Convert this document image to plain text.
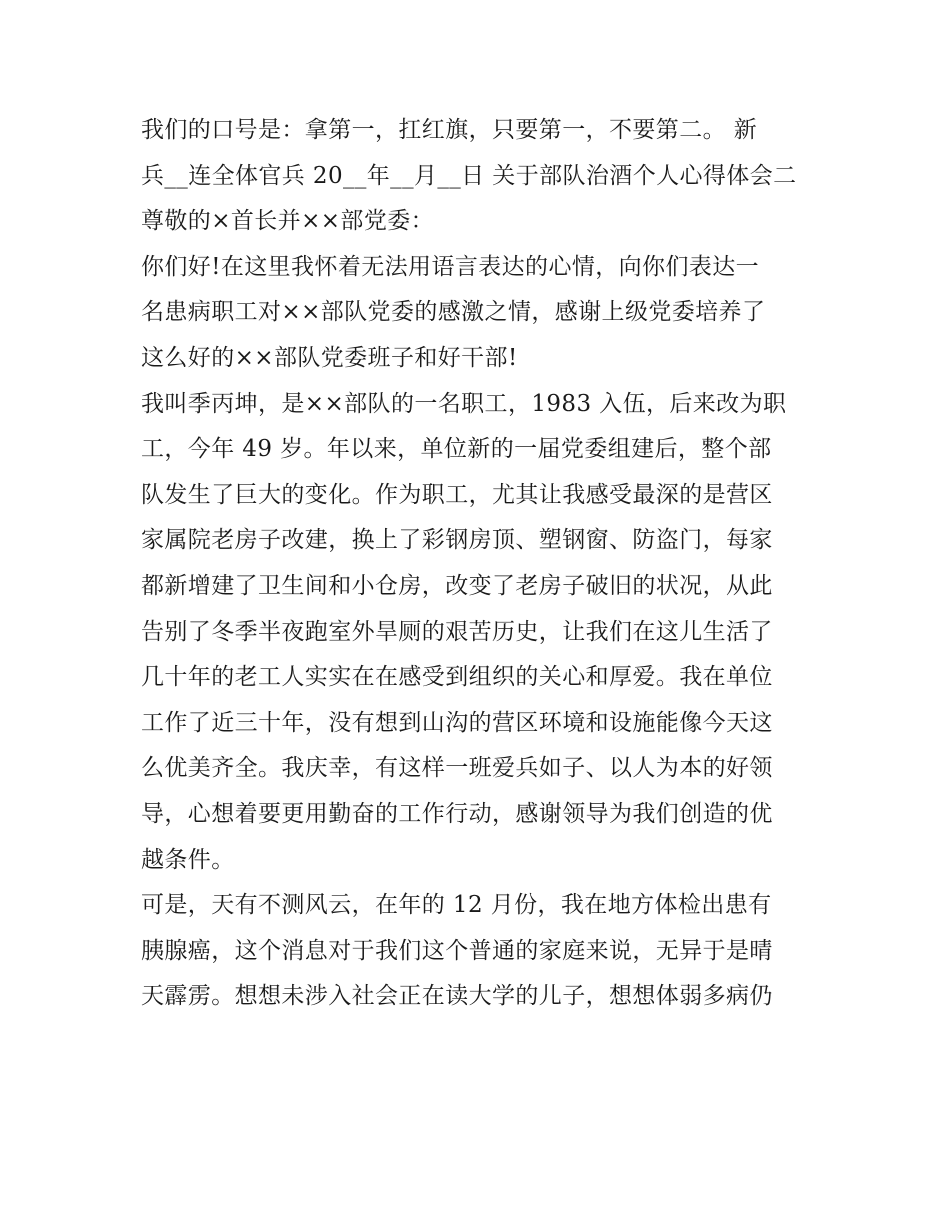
我们的口号是：拿第一，扛红旗，只要第一，不要第二。 新
兵__连全体官兵 20__年__月__日 关于部队治酒个人心得体会二
尊敬的×首长并××部党委：
你们好!在这里我怀着无法用语言表达的心情，向你们表达一
名患病职工对××部队党委的感激之情，感谢上级党委培养了
这么好的××部队党委班子和好干部!
我叫季丙坤，是××部队的一名职工，1983 入伍，后来改为职
工，今年 49 岁。年以来，单位新的一届党委组建后，整个部
队发生了巨大的变化。作为职工，尤其让我感受最深的是营区
家属院老房子改建，换上了彩钢房顶、塑钢窗、防盗门，每家
都新增建了卫生间和小仓房，改变了老房子破旧的状况，从此
告别了冬季半夜跑室外旱厕的艰苦历史，让我们在这儿生活了
几十年的老工人实实在在感受到组织的关心和厚爱。我在单位
工作了近三十年，没有想到山沟的营区环境和设施能像今天这
么优美齐全。我庆幸，有这样一班爱兵如子、以人为本的好领
导，心想着要更用勤奋的工作行动，感谢领导为我们创造的优
越条件。
可是，天有不测风云，在年的 12 月份，我在地方体检出患有
胰腺癌，这个消息对于我们这个普通的家庭来说，无异于是晴
天霹雳。想想未涉入社会正在读大学的儿子，想想体弱多病仍
